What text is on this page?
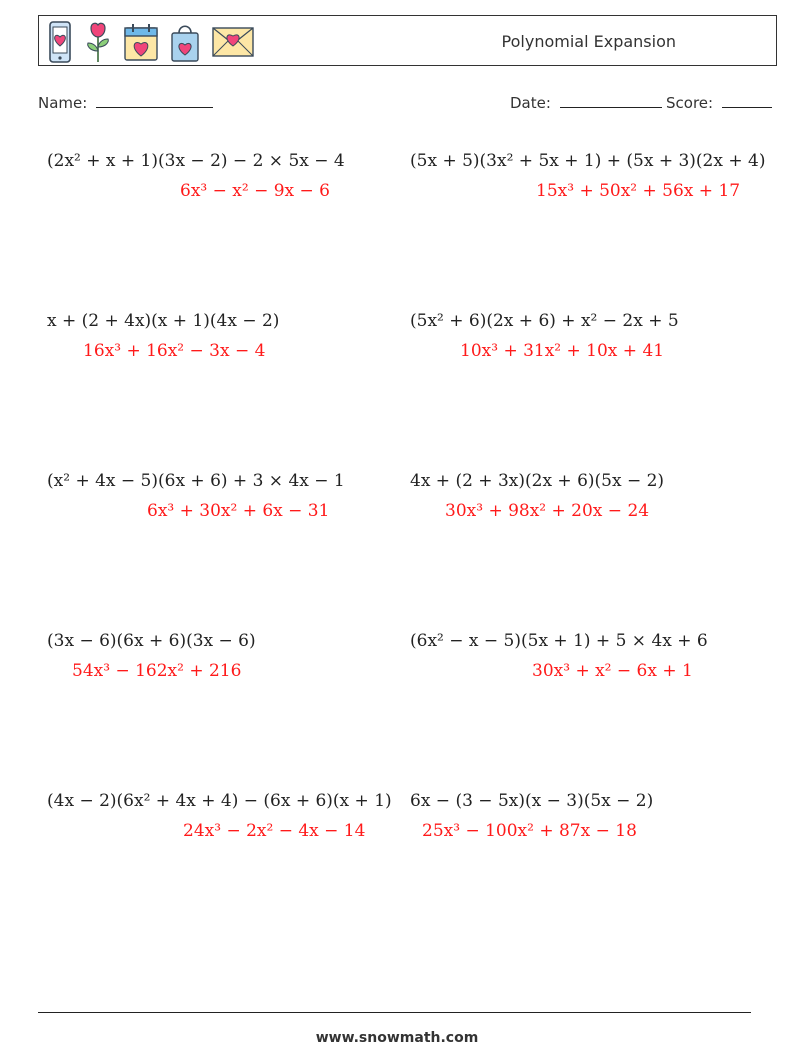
Polynomial Expansion
Name:	Date:	Score:
(2x² + x + 1)(3x − 2) − 2 × 5x − 4
6x³ − x² − 9x − 6
x + (2 + 4x)(x + 1)(4x − 2)
16x³ + 16x² − 3x − 4
(x² + 4x − 5)(6x + 6) + 3 × 4x − 1
6x³ + 30x² + 6x − 31
(3x − 6)(6x + 6)(3x − 6)
54x³ − 162x² + 216
(4x − 2)(6x² + 4x + 4) − (6x + 6)(x + 1)
24x³ − 2x² − 4x − 14
(5x + 5)(3x² + 5x + 1) + (5x + 3)(2x + 4)
15x³ + 50x² + 56x + 17
(5x² + 6)(2x + 6) + x² − 2x + 5
10x³ + 31x² + 10x + 41
4x + (2 + 3x)(2x + 6)(5x − 2)
30x³ + 98x² + 20x − 24
(6x² − x − 5)(5x + 1) + 5 × 4x + 6
30x³ + x² − 6x + 1
6x − (3 − 5x)(x − 3)(5x − 2)
25x³ − 100x² + 87x − 18
www.snowmath.com
